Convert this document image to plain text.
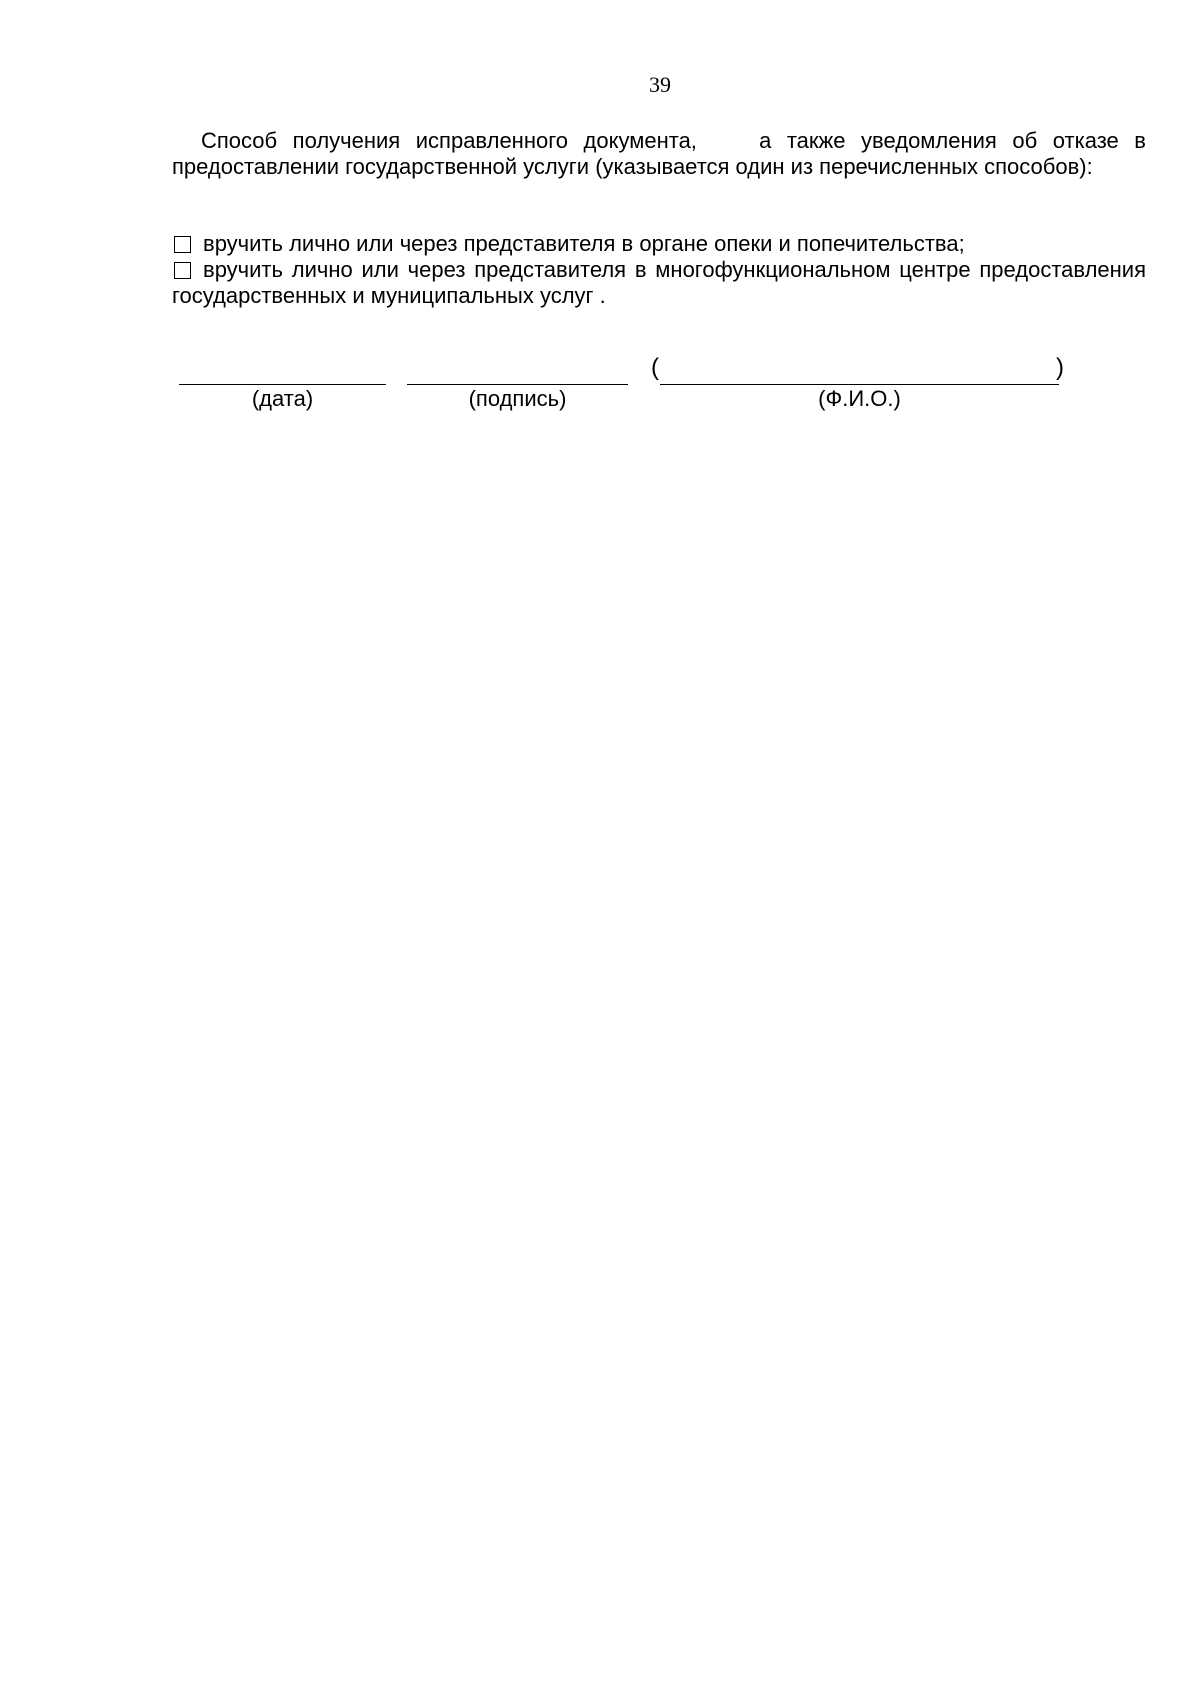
39
Способ получения исправленного документа,    а также уведомления об отказе в предоставлении государственной услуги (указывается один из перечисленных способов):
вручить лично или через представителя в органе опеки и попечительства;
вручить лично или через представителя в многофункциональном центре предоставления государственных и муниципальных услуг .
(	)
(дата)	(подпись)	(Ф.И.О.)
